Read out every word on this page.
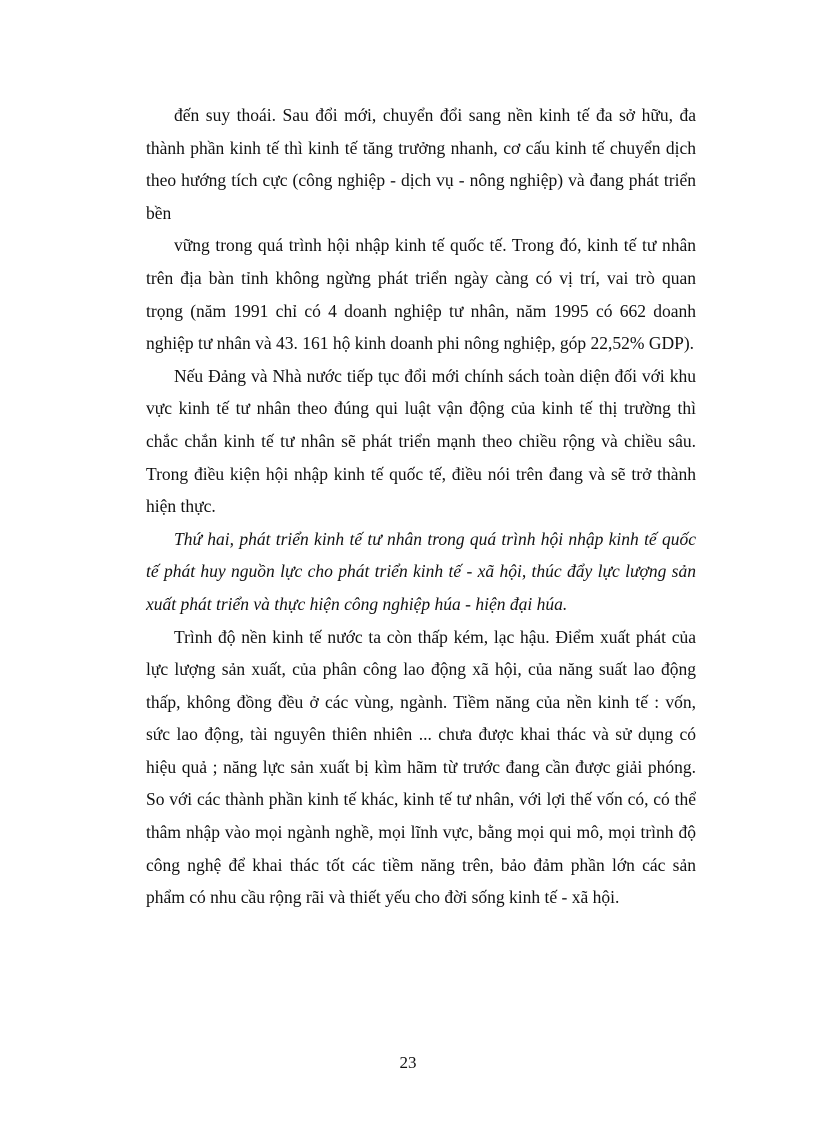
đến suy thoái. Sau đổi mới, chuyển đổi sang nền kinh tế đa sở hữu, đa thành phần kinh tế thì kinh tế tăng trưởng nhanh, cơ cấu kinh tế chuyển dịch theo hướng tích cực (công nghiệp - dịch vụ - nông nghiệp) và đang phát triển bền

vững trong quá trình hội nhập kinh tế quốc tế. Trong đó, kinh tế tư nhân trên địa bàn tỉnh không ngừng phát triển ngày càng có vị trí, vai trò quan trọng (năm 1991 chỉ có 4 doanh nghiệp tư nhân, năm 1995 có 662 doanh nghiệp tư nhân và 43. 161 hộ kinh doanh phi nông nghiệp, góp 22,52% GDP).

Nếu Đảng và Nhà nước tiếp tục đổi mới chính sách toàn diện đối với khu vực kinh tế tư nhân theo đúng qui luật vận động của kinh tế thị trường thì chắc chắn kinh tế tư nhân sẽ phát triển mạnh theo chiều rộng và chiều sâu. Trong điều kiện hội nhập kinh tế quốc tế, điều nói trên đang và sẽ trở thành hiện thực.

Thứ hai, phát triển kinh tế tư nhân trong quá trình hội nhập kinh tế quốc tế phát huy nguồn lực cho phát triển kinh tế - xã hội, thúc đẩy lực lượng sản xuất phát triển và thực hiện công nghiệp húa - hiện đại húa.

Trình độ nền kinh tế nước ta còn thấp kém, lạc hậu. Điểm xuất phát của lực lượng sản xuất, của phân công lao động xã hội, của năng suất lao động thấp, không đồng đều ở các vùng, ngành. Tiềm năng của nền kinh tế : vốn, sức lao động, tài nguyên thiên nhiên ... chưa được khai thác và sử dụng có hiệu quả ; năng lực sản xuất bị kìm hãm từ trước đang cần được giải phóng. So với các thành phần kinh tế khác, kinh tế tư nhân, với lợi thế vốn có, có thể thâm nhập vào mọi ngành nghề, mọi lĩnh vực, bằng mọi qui mô, mọi trình độ công nghệ để khai thác tốt các tiềm năng trên, bảo đảm phần lớn các sản phẩm có nhu cầu rộng rãi và thiết yếu cho đời sống kinh tế - xã hội.

23
